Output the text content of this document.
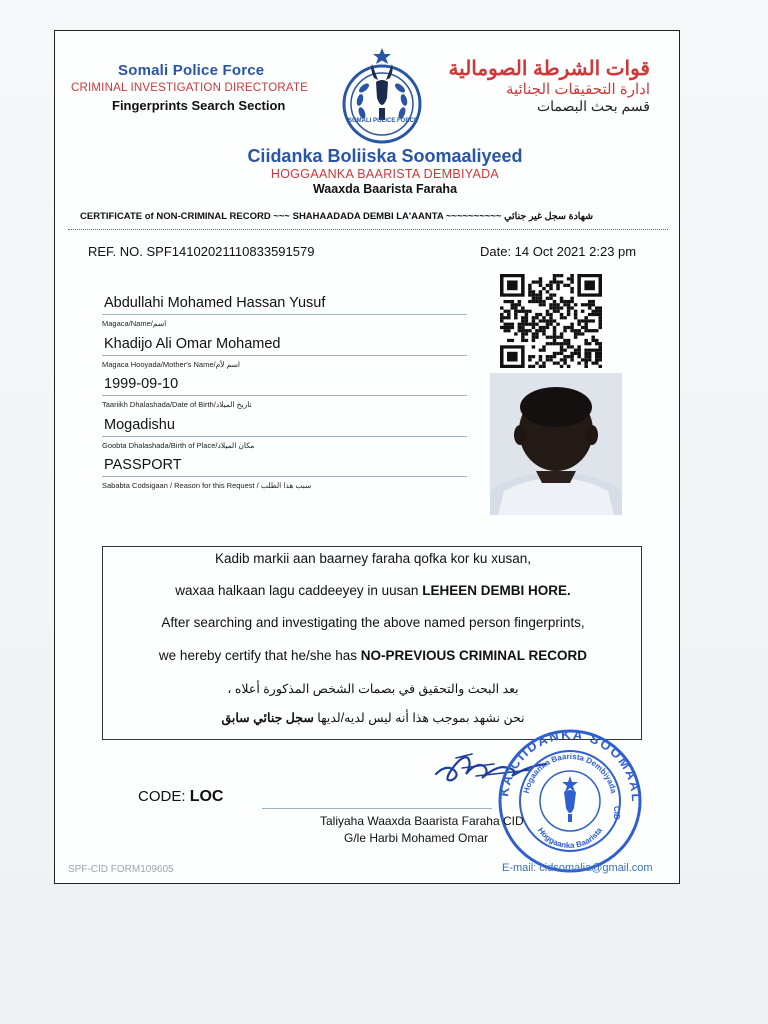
Somali Police Force
CRIMINAL INVESTIGATION DIRECTORATE
Fingerprints Search Section
SOMALI POLICE FORCE
قوات الشرطة الصومالية
ادارة التحقيقات الجنائية
قسم بحث البصمات
Ciidanka Boliiska Soomaaliyeed
HOGGAANKA BAARISTA DEMBIYADA
Waaxda Baarista Faraha
CERTIFICATE of NON-CRIMINAL RECORD ~~~ SHAHAADADA DEMBI LA'AANTA ~~~~~~~~~~ شهادة سجل غير جنائي
REF. NO. SPF14102021110833591579	Date: 14 Oct 2021 2:23 pm
Abdullahi Mohamed Hassan Yusuf
Magaca/Name/اسم
Khadijo Ali Omar Mohamed
Magaca Hooyada/Mother's Name/اسم لأم
1999-09-10
Taariikh Dhalashada/Date of Birth/تاريخ الميلاد
Mogadishu
Goobta Dhalashada/Birth of Place/مكان الميلاد
PASSPORT
Sababta Codsigaan / Reason for this Request / سبب هذا الطلب
Kadib markii aan baarney faraha qofka kor ku xusan,
waxaa halkaan lagu caddeeyey in uusan LEHEEN DEMBI HORE.
After searching and investigating the above named person fingerprints,
we hereby certify that he/she has NO-PREVIOUS CRIMINAL RECORD
بعد البحث والتحقيق في بصمات الشخص المذكورة أعلاه ،
نحن نشهد بموجب هذا أنه ليس لديه/لديها سجل جنائي سابق
KA CIIDANKA SOOMAAL
Hogaanka Baarista Dembiyada
Hoggaanka Baarista
CID
CODE: LOC
Taliyaha Waaxda Baarista Faraha CID
G/le Harbi Mohamed Omar
SPF-CID FORM109605	E-mail: cidsomalia@gmail.com
